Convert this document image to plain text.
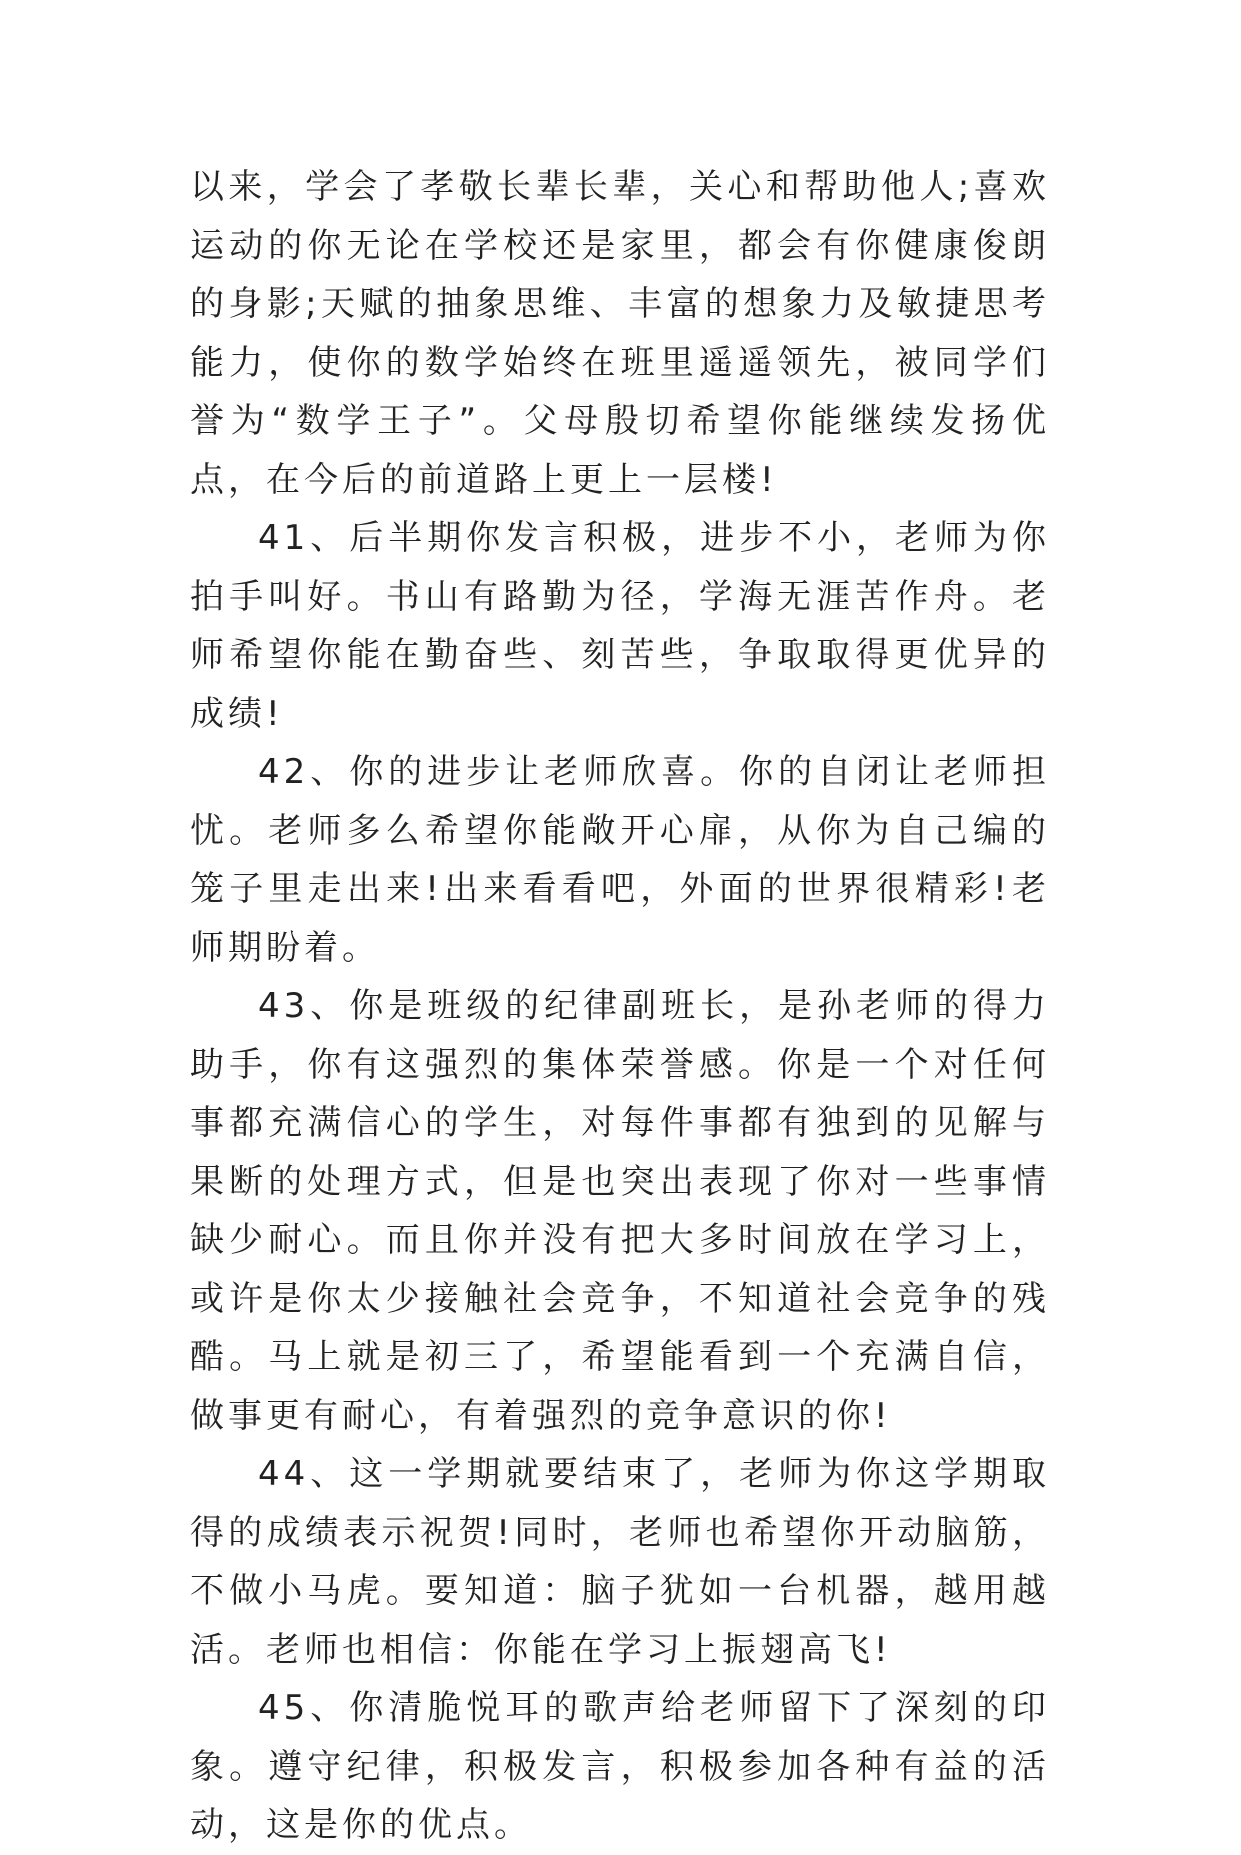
以来，学会了孝敬长辈长辈，关心和帮助他人;喜欢运动的你无论在学校还是家里，都会有你健康俊朗的身影;天赋的抽象思维、丰富的想象力及敏捷思考能力，使你的数学始终在班里遥遥领先，被同学们誉为“数学王子”。父母殷切希望你能继续发扬优点，在今后的前道路上更上一层楼!

41、后半期你发言积极，进步不小，老师为你拍手叫好。书山有路勤为径，学海无涯苦作舟。老师希望你能在勤奋些、刻苦些，争取取得更优异的成绩!

42、你的进步让老师欣喜。你的自闭让老师担忧。老师多么希望你能敞开心扉，从你为自己编的笼子里走出来!出来看看吧，外面的世界很精彩!老师期盼着。

43、你是班级的纪律副班长，是孙老师的得力助手，你有这强烈的集体荣誉感。你是一个对任何事都充满信心的学生，对每件事都有独到的见解与果断的处理方式，但是也突出表现了你对一些事情缺少耐心。而且你并没有把大多时间放在学习上，或许是你太少接触社会竞争，不知道社会竞争的残酷。马上就是初三了，希望能看到一个充满自信，做事更有耐心，有着强烈的竞争意识的你!

44、这一学期就要结束了，老师为你这学期取得的成绩表示祝贺!同时，老师也希望你开动脑筋，不做小马虎。要知道：脑子犹如一台机器，越用越活。老师也相信：你能在学习上振翅高飞!

45、你清脆悦耳的歌声给老师留下了深刻的印象。遵守纪律，积极发言，积极参加各种有益的活动，这是你的优点。
